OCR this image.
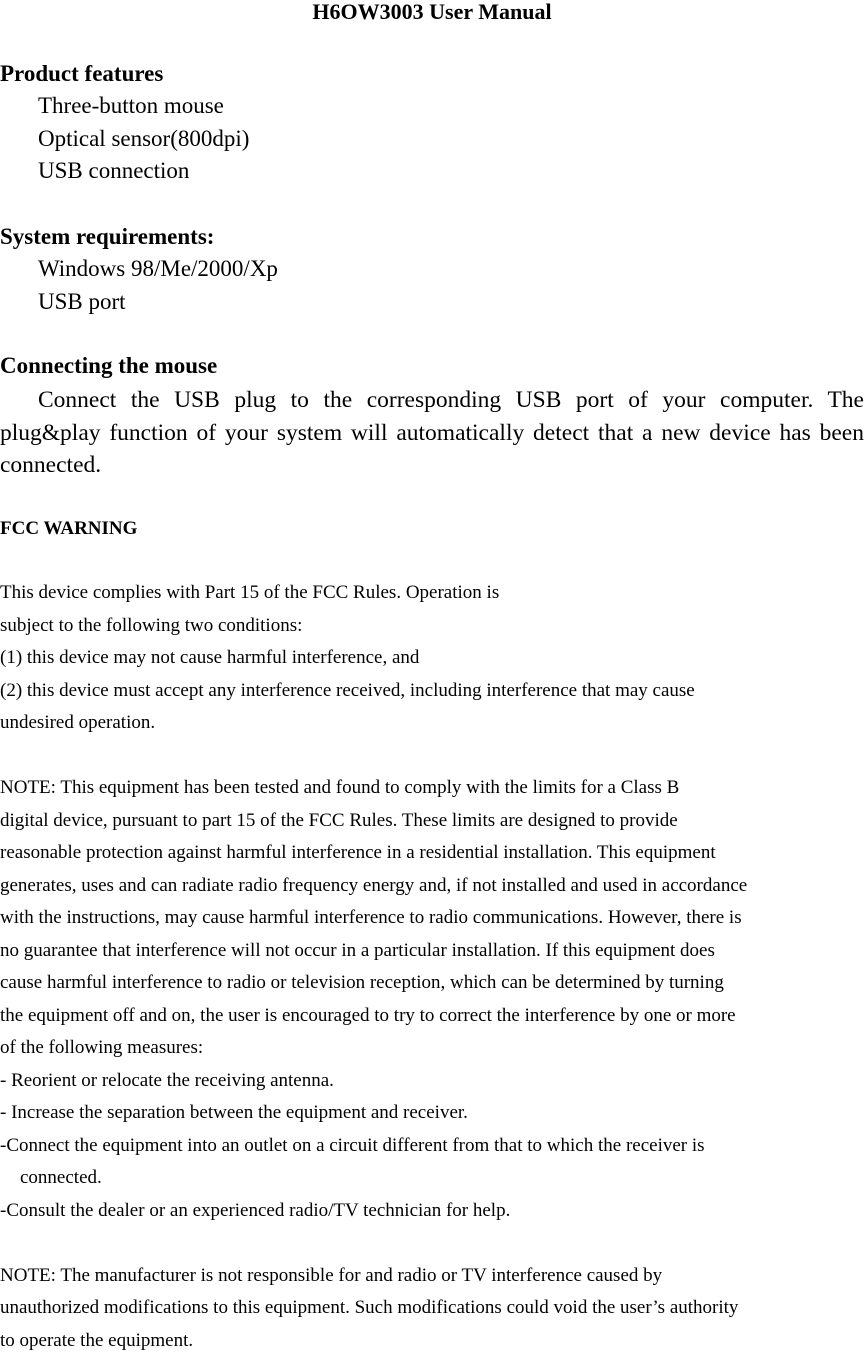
H6OW3003 User Manual
Product features
Three-button mouse
Optical sensor(800dpi)
USB connection
System requirements:
Windows 98/Me/2000/Xp
USB port
Connecting the mouse
Connect the USB plug to the corresponding USB port of your computer. The plug&play function of your system will automatically detect that a new device has been connected.
FCC WARNING
This device complies with Part 15 of the FCC Rules. Operation is
subject to the following two conditions:
(1) this device may not cause harmful interference, and
(2) this device must accept any interference received, including interference that may cause
undesired operation.
NOTE: This equipment has been tested and found to comply with the limits for a Class B
digital device, pursuant to part 15 of the FCC Rules. These limits are designed to provide
reasonable protection against harmful interference in a residential installation. This equipment
generates, uses and can radiate radio frequency energy and, if not installed and used in accordance
with the instructions, may cause harmful interference to radio communications. However, there is
no guarantee that interference will not occur in a particular installation. If this equipment does
cause harmful interference to radio or television reception, which can be determined by turning
the equipment off and on, the user is encouraged to try to correct the interference by one or more
of the following measures:
- Reorient or relocate the receiving antenna.
- Increase the separation between the equipment and receiver.
-Connect the equipment into an outlet on a circuit different from that to which the receiver is
connected.
-Consult the dealer or an experienced radio/TV technician for help.
NOTE: The manufacturer is not responsible for and radio or TV interference caused by
unauthorized modifications to this equipment. Such modifications could void the user’s authority
to operate the equipment.
